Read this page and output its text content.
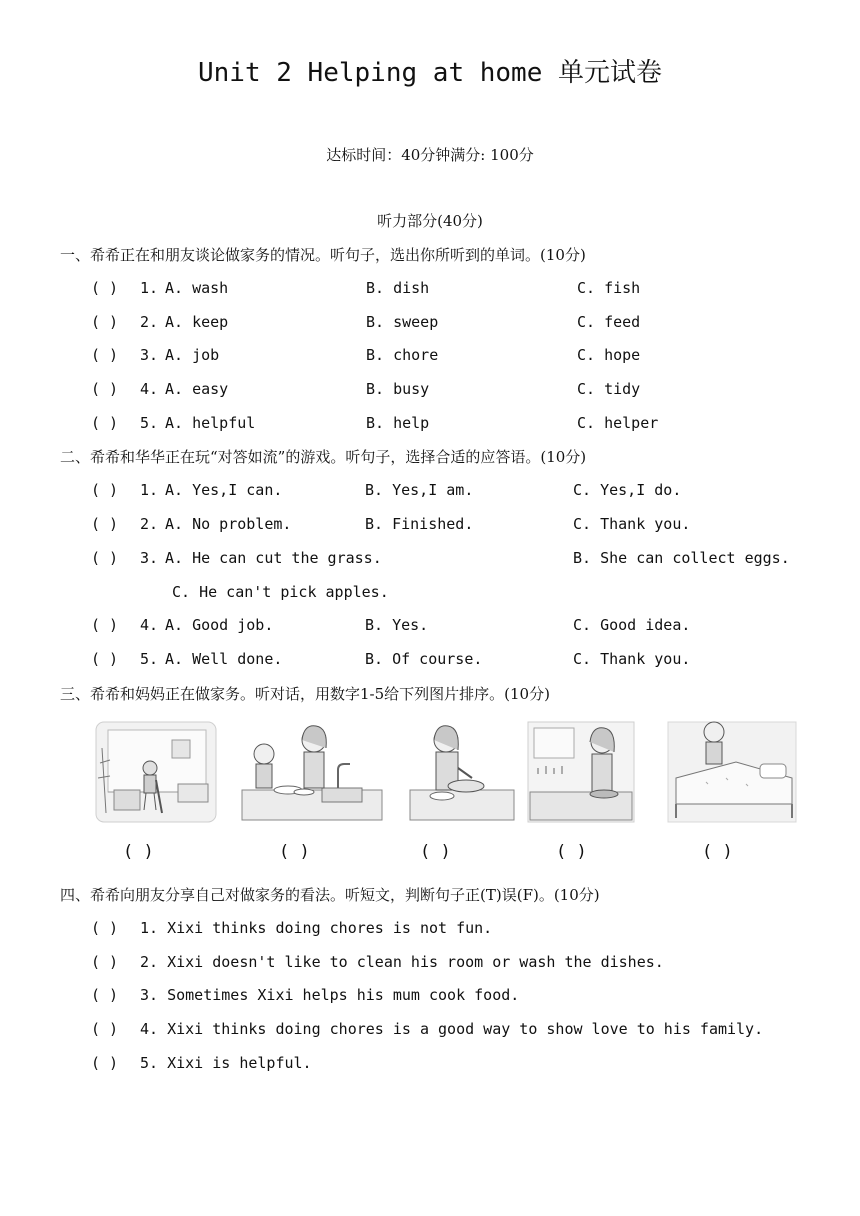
Unit 2 Helping at home 单元试卷
达标时间：40分钟满分: 100分
听力部分(40分)
一、希希正在和朋友谈论做家务的情况。听句子，选出你所听到的单词。(10分)
( ) 1. A. wash	B. dish	C. fish
( ) 2. A. keep	B. sweep	C. feed
( ) 3. A. job	B. chore	C. hope
( ) 4. A. easy	B. busy	C. tidy
( ) 5. A. helpful	B. help	C. helper
二、希希和华华正在玩“对答如流”的游戏。听句子，选择合适的应答语。(10分)
( ) 1. A. Yes,I can.	B. Yes,I am.	C. Yes,I do.
( ) 2. A. No problem.	B. Finished.	C. Thank you.
( ) 3. A. He can cut the grass.	B. She can collect eggs.
C. He can't pick apples.
( ) 4. A. Good job.	B. Yes.	C. Good idea.
( ) 5. A. Well done.	B. Of course.	C. Thank you.
三、希希和妈妈正在做家务。听对话，用数字1-5给下列图片排序。(10分)
( )	( )	( )	( )	( )
四、希希向朋友分享自己对做家务的看法。听短文，判断句子正(T)误(F)。(10分)
( ) 1. Xixi thinks doing chores is not fun.
( ) 2. Xixi doesn't like to clean his room or wash the dishes.
( ) 3. Sometimes Xixi helps his mum cook food.
( ) 4. Xixi thinks doing chores is a good way to show love to his family.
( ) 5. Xixi is helpful.
